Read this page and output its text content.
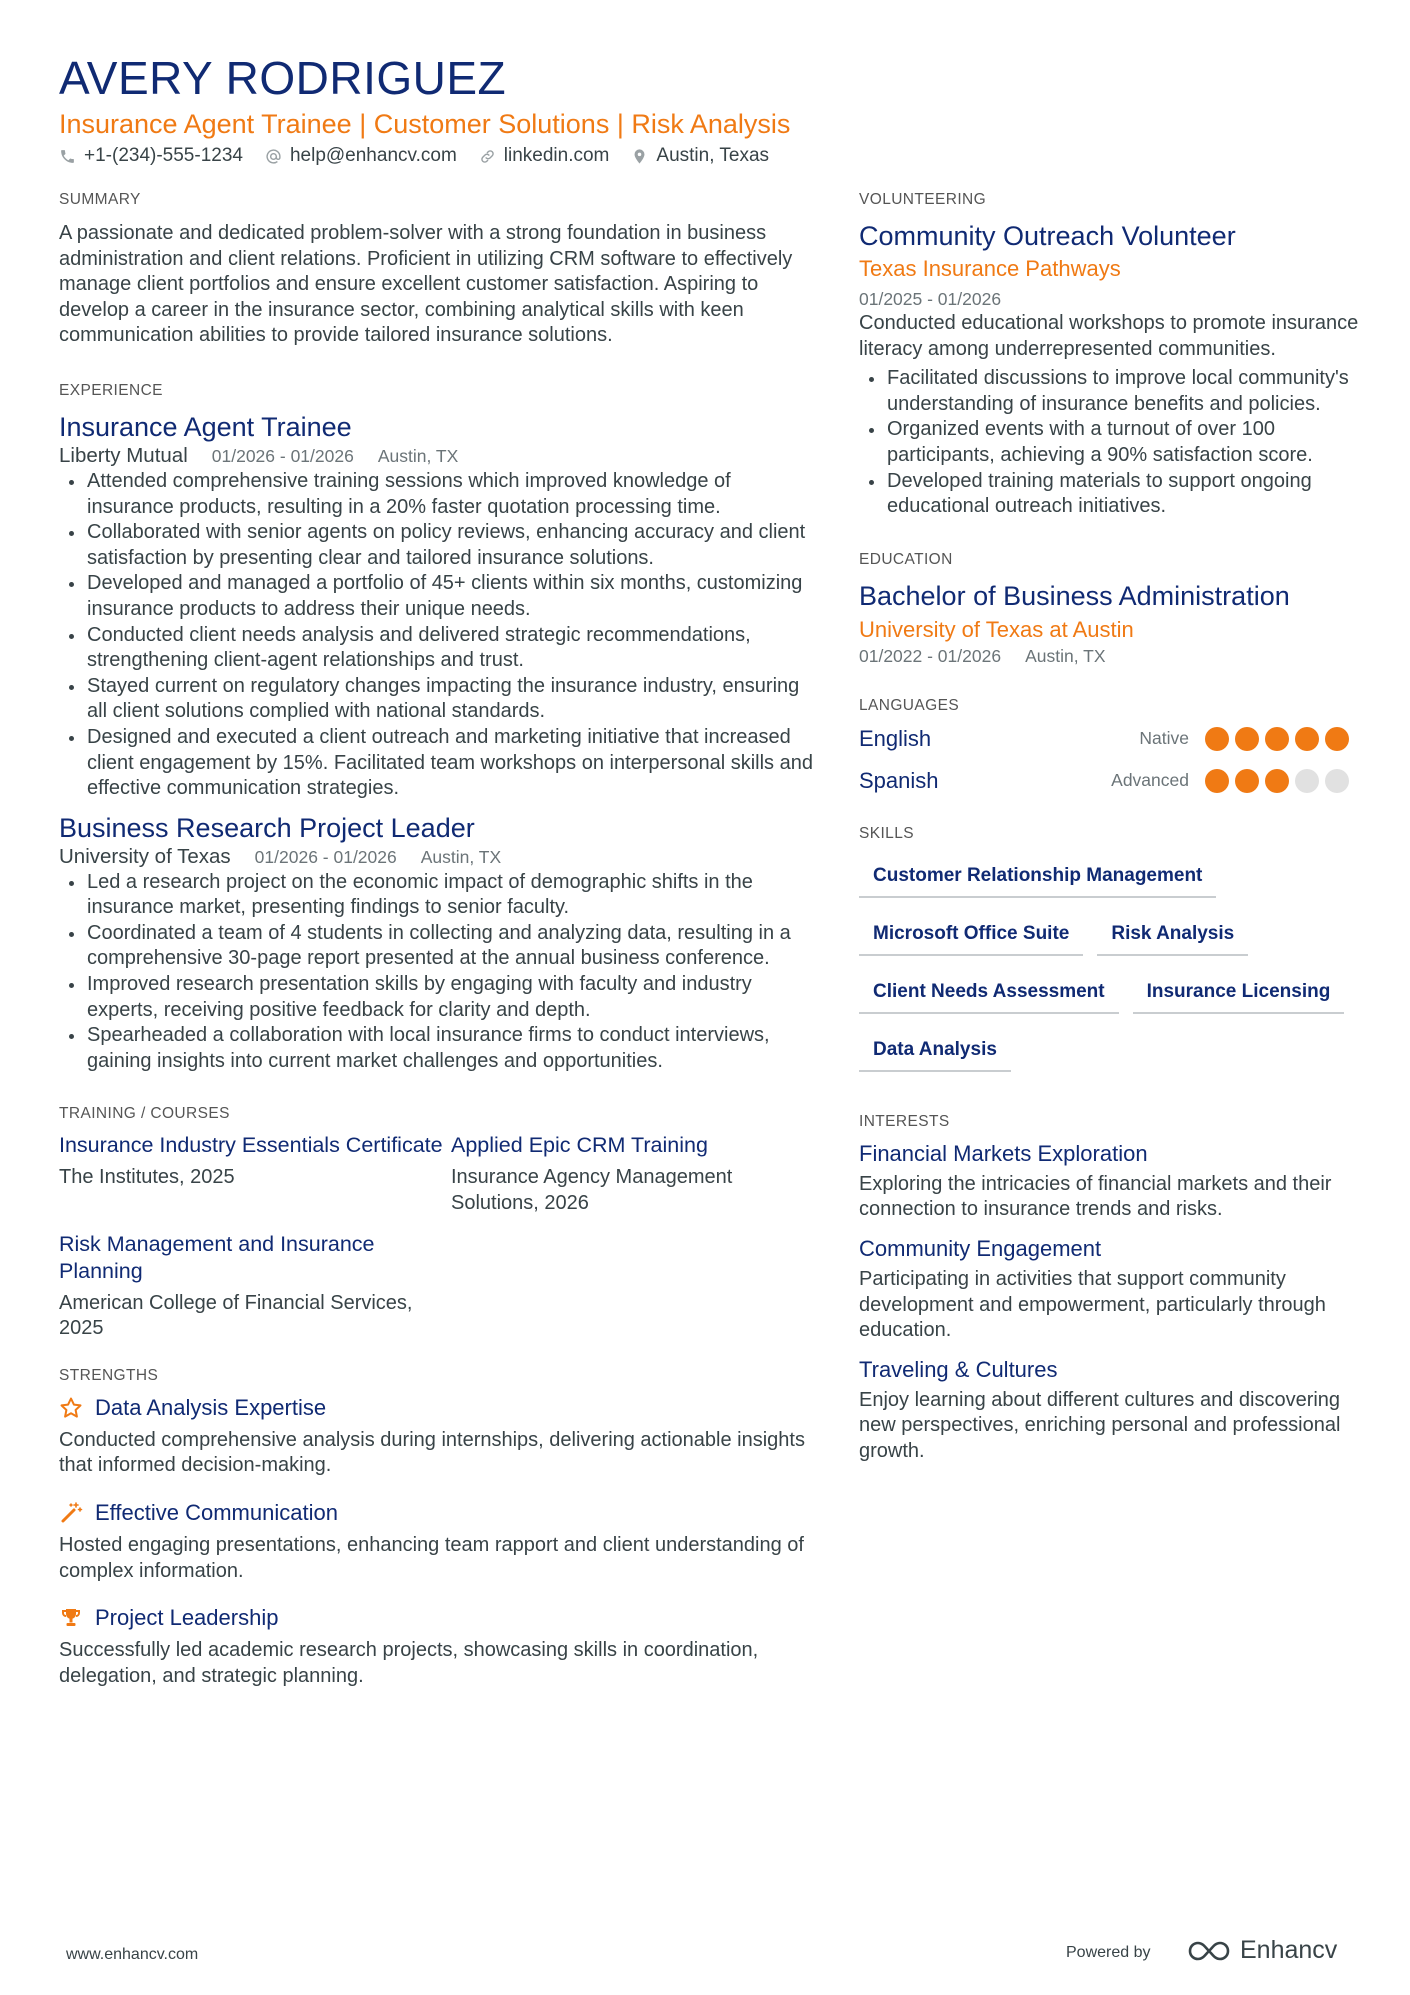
AVERY RODRIGUEZ
Insurance Agent Trainee | Customer Solutions | Risk Analysis
+1-(234)-555-1234 help@enhancv.com linkedin.com Austin, Texas
SUMMARY

A passionate and dedicated problem-solver with a strong foundation in business administration and client relations. Proficient in utilizing CRM software to effectively manage client portfolios and ensure excellent customer satisfaction. Aspiring to develop a career in the insurance sector, combining analytical skills with keen communication abilities to provide tailored insurance solutions.

EXPERIENCE
Insurance Agent Trainee
Liberty Mutual 01/2026 - 01/2026 Austin, TX
Attended comprehensive training sessions which improved knowledge of insurance products, resulting in a 20% faster quotation processing time.
Collaborated with senior agents on policy reviews, enhancing accuracy and client satisfaction by presenting clear and tailored insurance solutions.
Developed and managed a portfolio of 45+ clients within six months, customizing insurance products to address their unique needs.
Conducted client needs analysis and delivered strategic recommendations, strengthening client-agent relationships and trust.
Stayed current on regulatory changes impacting the insurance industry, ensuring all client solutions complied with national standards.
Designed and executed a client outreach and marketing initiative that increased client engagement by 15%. Facilitated team workshops on interpersonal skills and effective communication strategies.
Business Research Project Leader
University of Texas 01/2026 - 01/2026 Austin, TX
Led a research project on the economic impact of demographic shifts in the insurance market, presenting findings to senior faculty.
Coordinated a team of 4 students in collecting and analyzing data, resulting in a comprehensive 30-page report presented at the annual business conference.
Improved research presentation skills by engaging with faculty and industry experts, receiving positive feedback for clarity and depth.
Spearheaded a collaboration with local insurance firms to conduct interviews, gaining insights into current market challenges and opportunities.
TRAINING / COURSES
Insurance Industry Essentials Certificate
The Institutes, 2025
Applied Epic CRM Training
Insurance Agency Management Solutions, 2026
Risk Management and Insurance Planning
American College of Financial Services, 2025
STRENGTHS
Data Analysis Expertise

Conducted comprehensive analysis during internships, delivering actionable insights that informed decision-making.

Effective Communication

Hosted engaging presentations, enhancing team rapport and client understanding of complex information.

Project Leadership

Successfully led academic research projects, showcasing skills in coordination, delegation, and strategic planning.

VOLUNTEERING
Community Outreach Volunteer
Texas Insurance Pathways
01/2025 - 01/2026

Conducted educational workshops to promote insurance literacy among underrepresented communities.

Facilitated discussions to improve local community's understanding of insurance benefits and policies.
Organized events with a turnout of over 100 participants, achieving a 90% satisfaction score.
Developed training materials to support ongoing educational outreach initiatives.
EDUCATION
Bachelor of Business Administration
University of Texas at Austin
01/2022 - 01/2026 Austin, TX
LANGUAGES
English	Native
Spanish	Advanced
SKILLS
Customer Relationship Management
Microsoft Office Suite	Risk Analysis
Client Needs Assessment	Insurance Licensing
Data Analysis
INTERESTS
Financial Markets Exploration

Exploring the intricacies of financial markets and their connection to insurance trends and risks.

Community Engagement

Participating in activities that support community development and empowerment, particularly through education.

Traveling & Cultures

Enjoy learning about different cultures and discovering new perspectives, enriching personal and professional growth.

www.enhancv.com	Powered by	Enhancv
